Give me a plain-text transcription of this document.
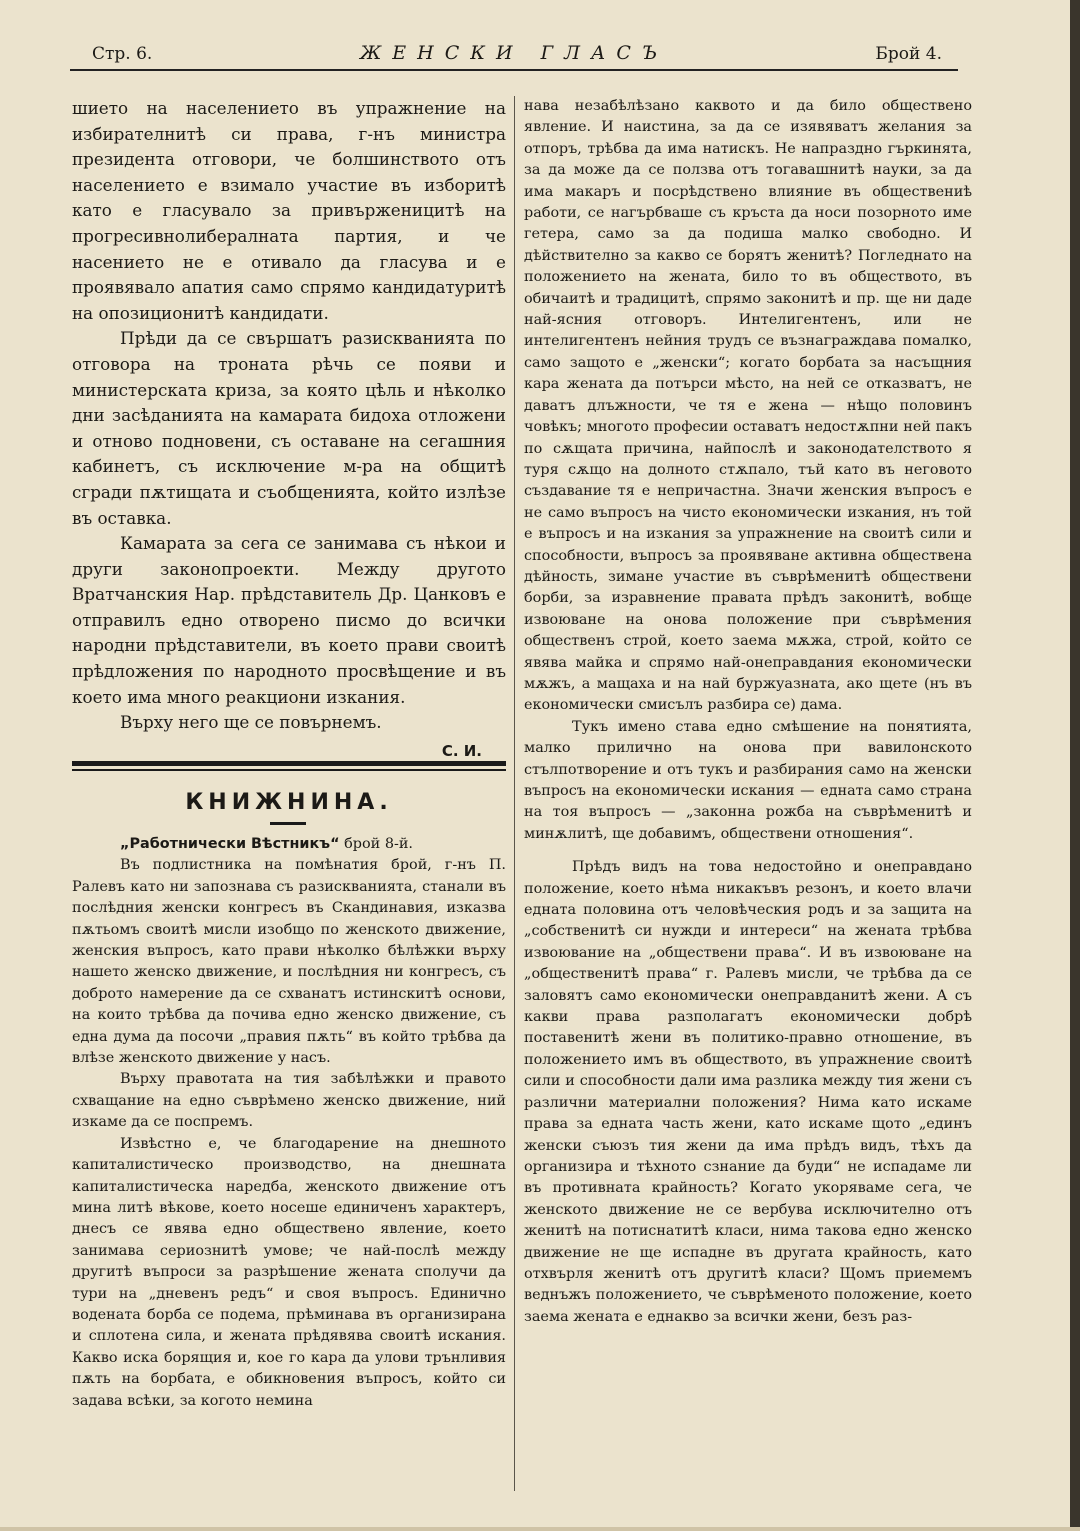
Стр. 6.	ЖЕНСКИ ГЛАСЪ	Брой 4.

шието на населението въ упражнение на избирателнитѣ си права, г-нъ министра президента отговори, че болшинството отъ населението е взимало участие въ изборитѣ като е гласувало за привърженицитѣ на прогресивнолибералната партия, и че насението не е отивало да гласува и е проявявало апатия само спрямо кандидатуритѣ на опозиционитѣ кандидати.

Прѣди да се свършатъ разискванията по отговора на троната рѣчь се появи и министерската криза, за която цѣль и нѣколко дни засѣданията на камарата бидоха отложени и отново подновени, съ оставане на сегашния кабинетъ, съ исключение м-ра на общитѣ сгради пѫтищата и съобщенията, който излѣзе въ оставка.

Камарата за сега се занимава съ нѣкои и други законопроекти. Между другото Вратчанския Нар. прѣдставитель Др. Цанковъ е отправилъ едно отворено писмо до всички народни прѣдставители, въ което прави своитѣ прѣдложения по народното просвѣщение и въ което има много реакциони изкания.

Върху него ще се повърнемъ.

С. И.
КНИЖНИНА.

„Работнически Вѣстникъ“ брой 8-й.

Въ подлистника на помѣнатия брой, г-нъ П. Ралевъ като ни запознава съ разискванията, станали въ послѣдния женски конгресъ въ Скандинавия, изказва пѫтьомъ своитѣ мисли изобщо по женското движение, женския въпросъ, като прави нѣколко бѣлѣжки върху нашето женско движение, и послѣдния ни конгресъ, съ доброто намерение да се схванатъ истинскитѣ основи, на които трѣбва да почива едно женско движение, съ една дума да посочи „правия пѫть“ въ който трѣбва да влѣзе женското движение у насъ.

Върху правотата на тия забѣлѣжки и правото схващание на едно съврѣмено женско движение, ний изкаме да се поспремъ.

Извѣстно е, че благодарение на днешното капиталистическо производство, на днешната капиталистическа наредба, женското движение отъ мина литѣ вѣкове, което носеше единиченъ характеръ, днесъ се явява едно обществено явление, което занимава сериознитѣ умове; че най-послѣ между другитѣ въпроси за разрѣшение жената сполучи да тури на „дневенъ редъ“ и своя въпросъ. Единично водената борба се подема, прѣминава въ организирана и сплотена сила, и жената прѣдявява своитѣ искания. Какво иска борящия и, кое го кара да улови трънливия пѫть на борбата, е обикновения въпросъ, който си задава всѣки, за когото немина

нава незабѣлѣзано каквото и да било обществено явление. И наистина, за да се изявяватъ желания за отпоръ, трѣбва да има натискъ. Не напраздно гъркинята, за да може да се ползва отъ тогавашнитѣ науки, за да има макаръ и посрѣдствено влияние въ обществениѣ работи, се нагърбваше съ кръста да носи позорното име гетера, само за да подиша малко свободно. И дѣйствително за какво се борятъ женитѣ? Погледнато на положението на жената, било то въ обществото, въ обичаитѣ и традицитѣ, спрямо законитѣ и пр. ще ни даде най-ясния отговоръ. Интелигентенъ, или не интелигентенъ нейния трудъ се възнаграждава помалко, само защото е „женски“; когато борбата за насъщния кара жената да потърси мѣсто, на ней се отказватъ, не даватъ длъжности, че тя е жена — нѣщо половинъ човѣкъ; многото професии оставатъ недостѫпни ней пакъ по сѫщата причина, найпослѣ и законодателството я туря сѫщо на долното стѫпало, тъй като въ неговото създавание тя е непричастна. Значи женския въпросъ е не само въпросъ на чисто економически изкания, нъ той е въпросъ и на изкания за упражнение на своитѣ сили и способности, въпросъ за проявяване активна обществена дѣйность, зимане участие въ съврѣменитѣ обществени борби, за изравнение правата прѣдъ законитѣ, вобще извоюване на онова положение при съврѣмения общественъ строй, което заема мѫжа, строй, който се явява майка и спрямо най-онеправдания економически мѫжъ, а мащаха и на най буржуазната, ако щете (нъ въ економически смисълъ разбира се) дама.

Тукъ имено става едно смѣшение на понятията, малко прилично на онова при вавилонското стълпотворение и отъ тукъ и разбирания само на женски въпросъ на економически искания — едната само страна на тоя въпросъ — „законна рожба на съврѣменитѣ и минѫлитѣ, ще добавимъ, обществени отношения“.

Прѣдъ видъ на това недостойно и онеправдано положение, което нѣма никакъвъ резонъ, и което влачи едната половина отъ человѣческия родъ и за защита на „собственитѣ си нужди и интереси“ на жената трѣбва извоювание на „обществени права“. И въ извоюване на „общественитѣ права“ г. Ралевъ мисли, че трѣбва да се заловятъ само економически онеправданитѣ жени. А съ какви права разполагатъ економически добрѣ поставенитѣ жени въ политико-правно отношение, въ положението имъ въ обществото, въ упражнение своитѣ сили и способности дали има разлика между тия жени съ различни материални положения? Нима като искаме права за едната часть жени, като искаме щото „единъ женски съюзъ тия жени да има прѣдъ видъ, тѣхъ да организира и тѣхното сзнание да буди“ не испадаме ли въ противната крайность? Когато укоряваме сега, че женското движение не се вербува исключително отъ женитѣ на потиснатитѣ класи, нима такова едно женско движение не ще испадне въ другата крайность, като отхвърля женитѣ отъ другитѣ класи? Щомъ приемемъ веднъжъ положението, че съврѣменото положение, което заема жената е еднакво за всички жени, безъ раз-
